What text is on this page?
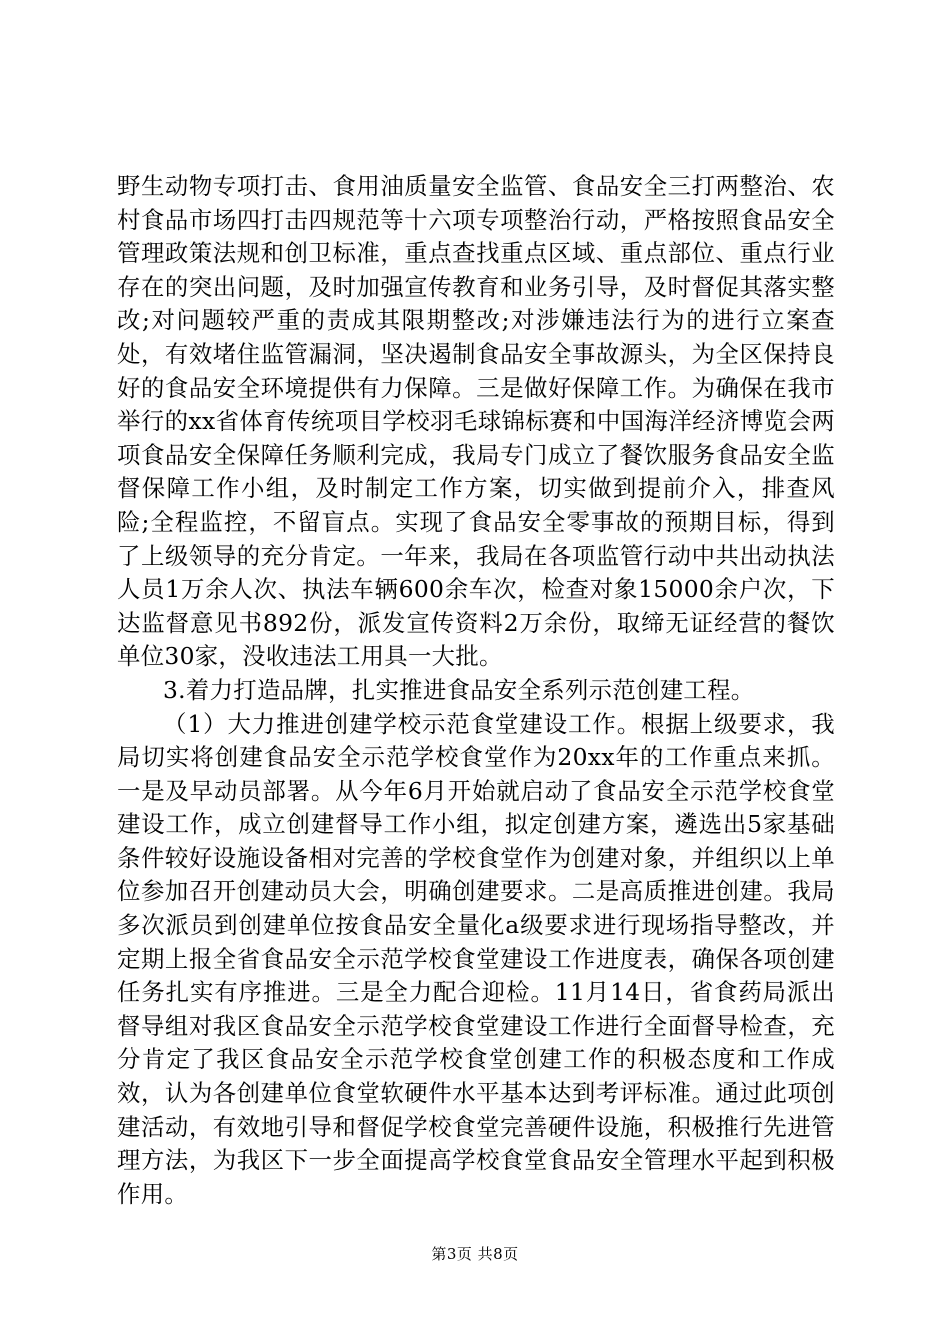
野生动物专项打击、食用油质量安全监管、食品安全三打两整治、农村食品市场四打击四规范等十六项专项整治行动，严格按照食品安全管理政策法规和创卫标准，重点查找重点区域、重点部位、重点行业存在的突出问题，及时加强宣传教育和业务引导，及时督促其落实整改;对问题较严重的责成其限期整改;对涉嫌违法行为的进行立案查处，有效堵住监管漏洞，坚决遏制食品安全事故源头，为全区保持良好的食品安全环境提供有力保障。三是做好保障工作。为确保在我市举行的xx省体育传统项目学校羽毛球锦标赛和中国海洋经济博览会两项食品安全保障任务顺利完成，我局专门成立了餐饮服务食品安全监督保障工作小组，及时制定工作方案，切实做到提前介入，排查风险;全程监控，不留盲点。实现了食品安全零事故的预期目标，得到了上级领导的充分肯定。一年来，我局在各项监管行动中共出动执法人员1万余人次、执法车辆600余车次，检查对象15000余户次，下达监督意见书892份，派发宣传资料2万余份，取缔无证经营的餐饮单位30家，没收违法工用具一大批。

3.着力打造品牌，扎实推进食品安全系列示范创建工程。

（1）大力推进创建学校示范食堂建设工作。根据上级要求，我局切实将创建食品安全示范学校食堂作为20xx年的工作重点来抓。一是及早动员部署。从今年6月开始就启动了食品安全示范学校食堂建设工作，成立创建督导工作小组，拟定创建方案，遴选出5家基础条件较好设施设备相对完善的学校食堂作为创建对象，并组织以上单位参加召开创建动员大会，明确创建要求。二是高质推进创建。我局多次派员到创建单位按食品安全量化a级要求进行现场指导整改，并定期上报全省食品安全示范学校食堂建设工作进度表，确保各项创建任务扎实有序推进。三是全力配合迎检。11月14日，省食药局派出督导组对我区食品安全示范学校食堂建设工作进行全面督导检查，充分肯定了我区食品安全示范学校食堂创建工作的积极态度和工作成效，认为各创建单位食堂软硬件水平基本达到考评标准。通过此项创建活动，有效地引导和督促学校食堂完善硬件设施，积极推行先进管理方法，为我区下一步全面提高学校食堂食品安全管理水平起到积极作用。

第3页 共8页
